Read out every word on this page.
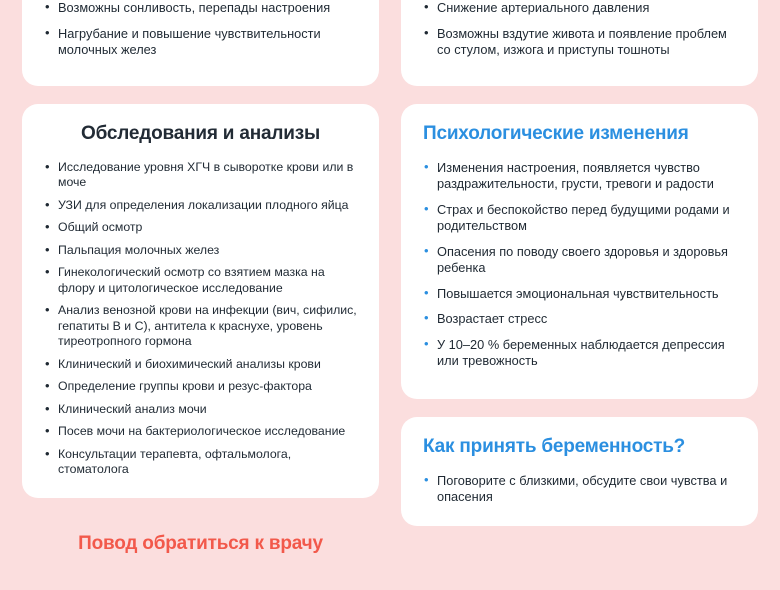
• Возможны сонливость, перепады настроения
• Нагрубание и повышение чувствительности молочных желез
Обследования и анализы
• Исследование уровня ХГЧ в сыворотке крови или в моче
• УЗИ для определения локализации плодного яйца
• Общий осмотр
• Пальпация молочных желез
• Гинекологический осмотр со взятием мазка на флору и цитологическое исследование
• Анализ венозной крови на инфекции (вич, сифилис, гепатиты В и С), антитела к краснухе, уровень тиреотропного гормона
• Клинический и биохимический анализы крови
• Определение группы крови и резус-фактора
• Клинический анализ мочи
• Посев мочи на бактериологическое исследование
• Консультации терапевта, офтальмолога, стоматолога
Повод обратиться к врачу
• Снижение артериального давления
• Возможны вздутие живота и появление проблем со стулом, изжога и приступы тошноты
Психологические изменения
• Изменения настроения, появляется чувство раздражительности, грусти, тревоги и радости
• Страх и беспокойство перед будущими родами и родительством
• Опасения по поводу своего здоровья и здоровья ребенка
• Повышается эмоциональная чувствительность
• Возрастает стресс
• У 10–20 % беременных наблюдается депрессия или тревожность
Как принять беременность?
• Поговорите с близкими, обсудите свои чувства и опасения
